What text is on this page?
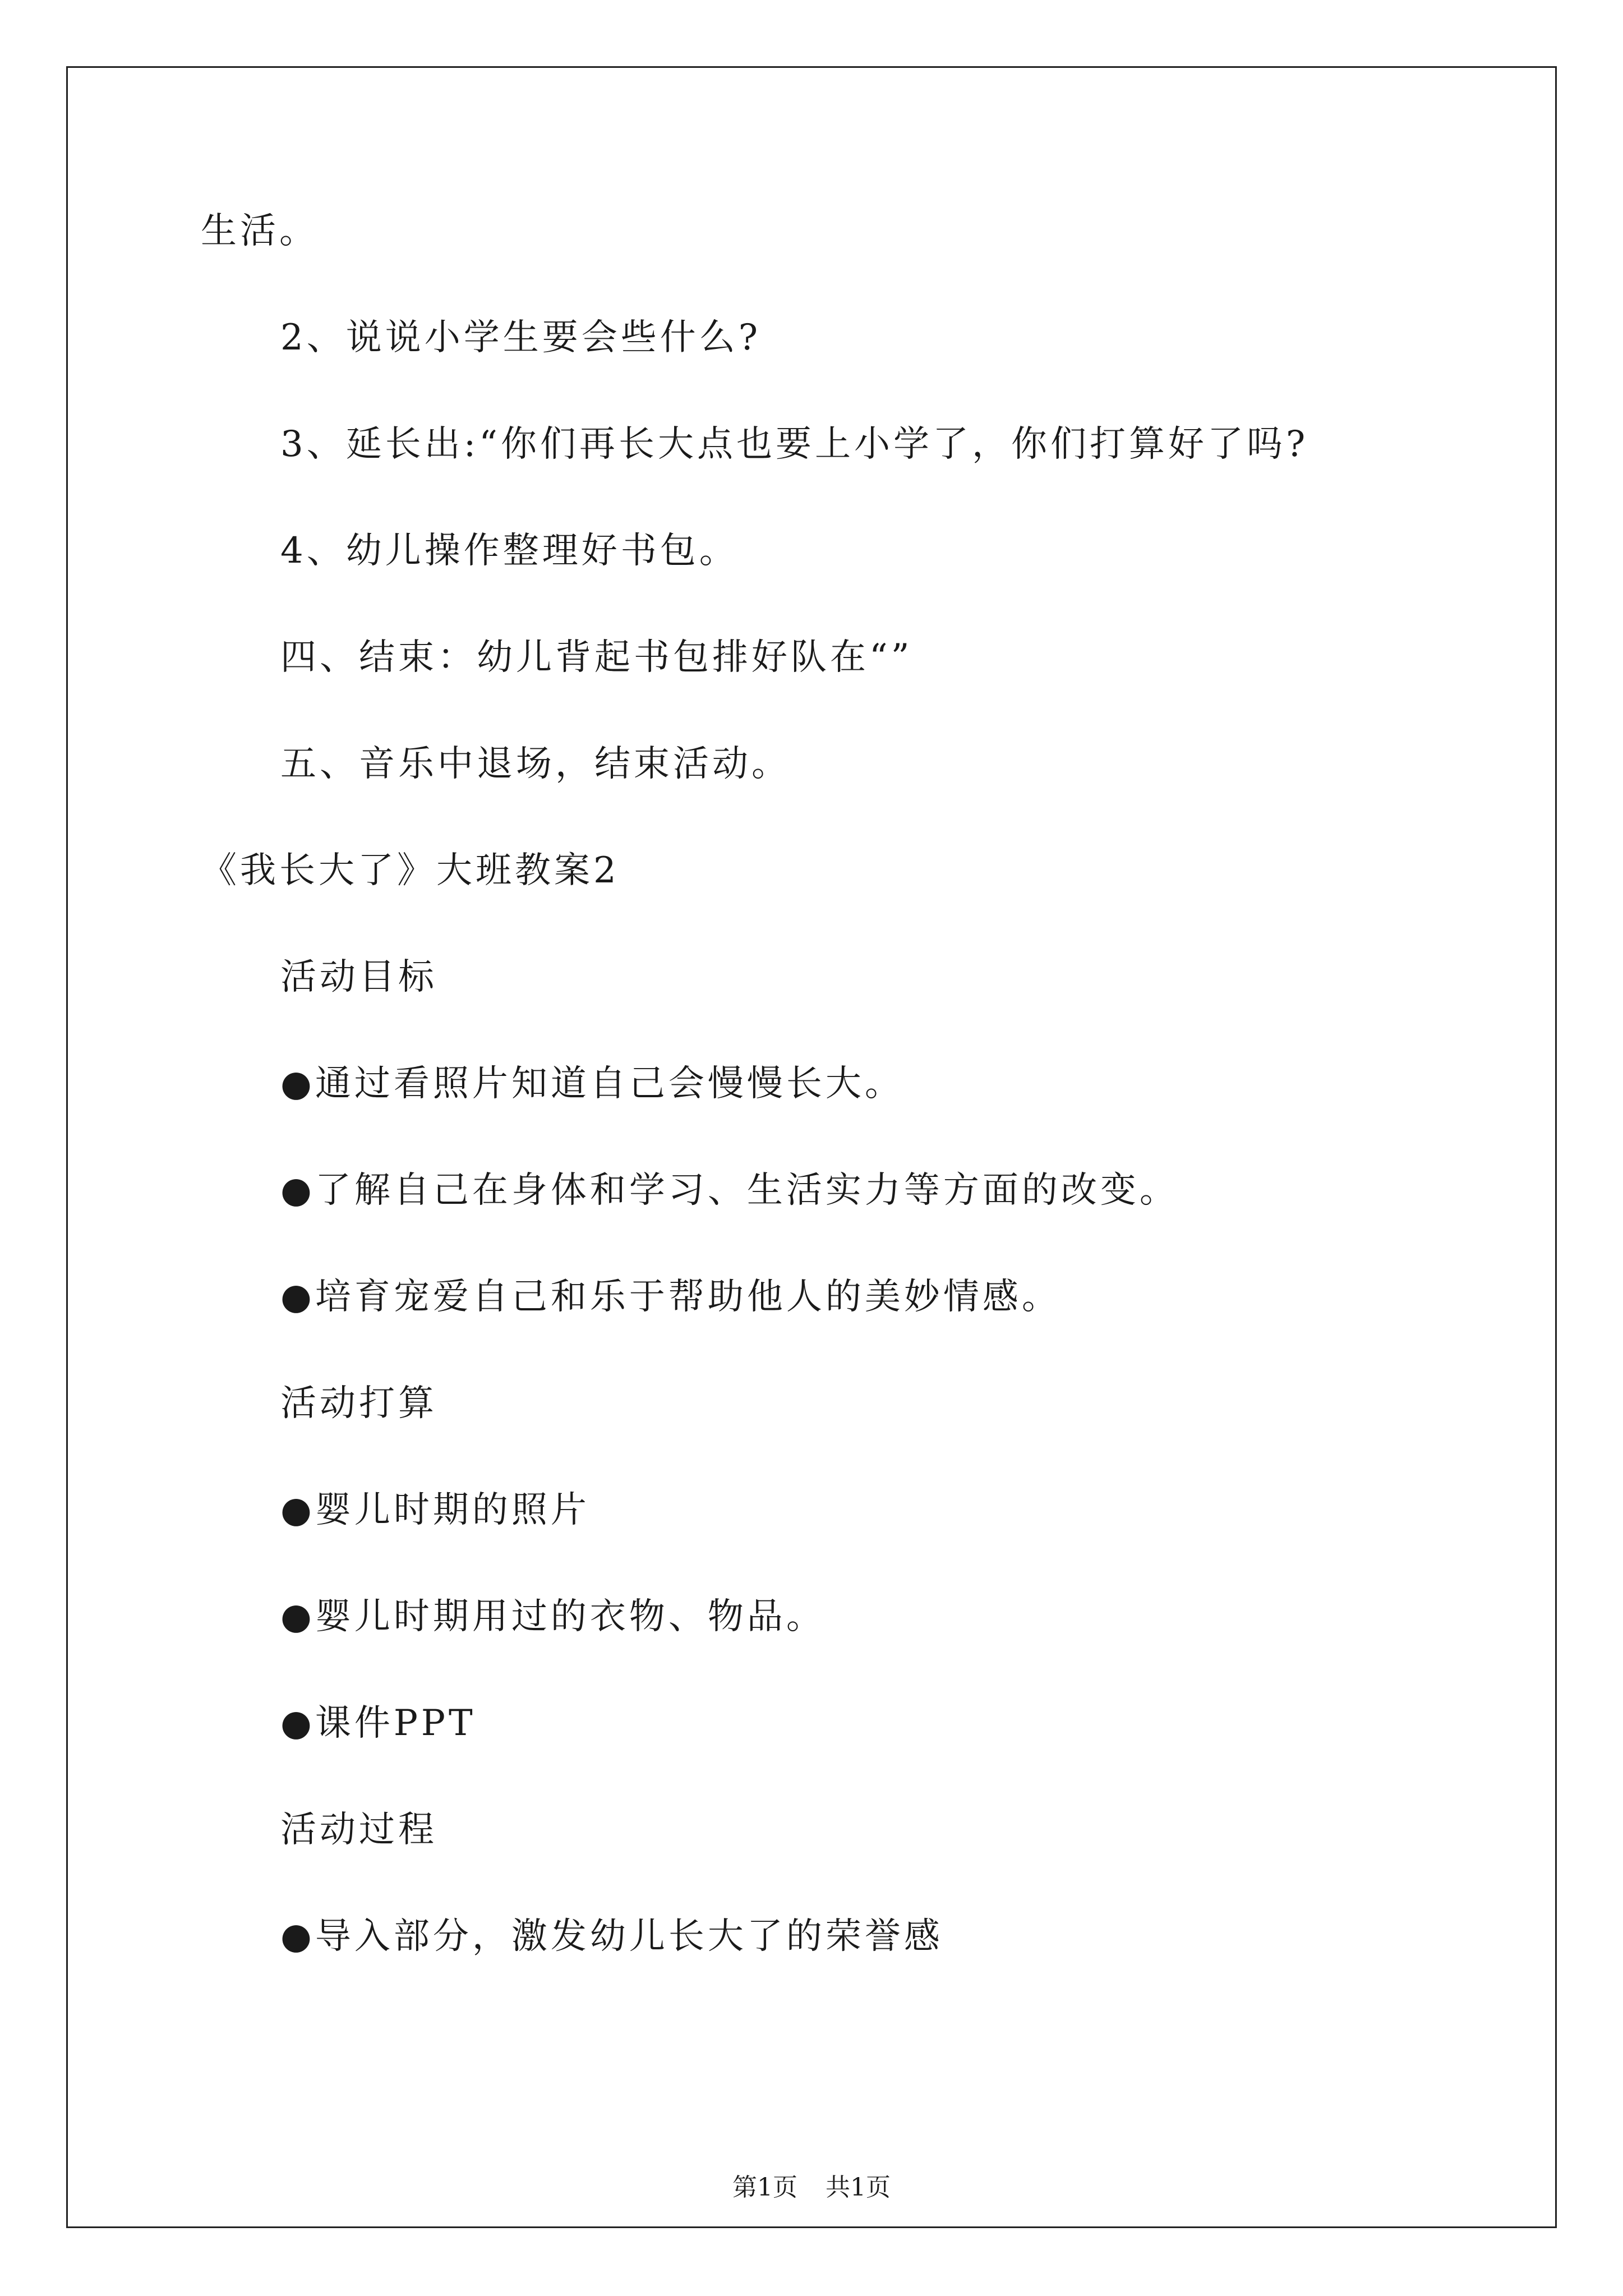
生活。
2、说说小学生要会些什么?
3、延长出:“你们再长大点也要上小学了，你们打算好了吗?
4、幼儿操作整理好书包。
四、结束：幼儿背起书包排好队在“”
五、音乐中退场，结束活动。
《我长大了》大班教案2
活动目标
●通过看照片知道自己会慢慢长大。
●了解自己在身体和学习、生活实力等方面的改变。
●培育宠爱自己和乐于帮助他人的美妙情感。
活动打算
●婴儿时期的照片
●婴儿时期用过的衣物、物品。
●课件PPT
活动过程
●导入部分，激发幼儿长大了的荣誉感
第1页 共1页
